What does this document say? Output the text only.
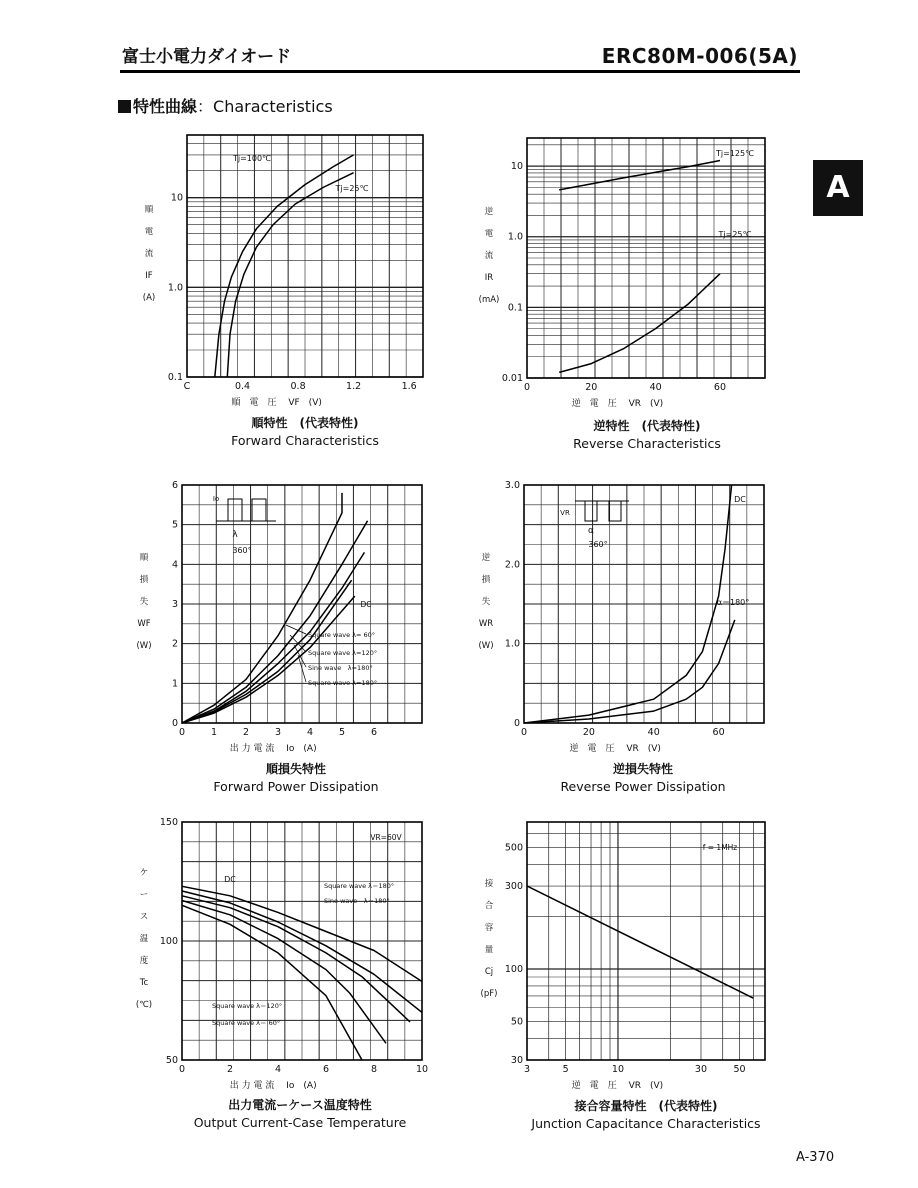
富士小電力ダイオード	ERC80M-006(5A)
特性曲線：Characteristics
A
C	0.4	0.8	1.2	1.6
0.1
1.0
10
順　電　圧　 VF　(V)
順
電
流
IF
(A)
Tj=100℃
Tj=25℃
順特性　(代表特性)
Forward Characteristics
0	20	40	60
0.01
0.1
1.0
10
逆　電　圧　 VR　(V)
逆
電
流
IR
(mA)
Tj=125℃
Tj=25℃
逆特性　(代表特性)
Reverse Characteristics
0	1	2	3	4	5	6
0
1
2
3
4
5
6
出 力 電 流　 Io　(A)
順
損
失
WF
(W)
Square wave λ= 60°
Square wave λ=120°
Sine wave　λ=180°
Square wave λ=180°
DC
Io
λ
360°
順損失特性
Forward Power Dissipation
0	20	40	60
0
1.0
2.0
3.0
逆　電　圧　 VR　(V)
逆
損
失
WR
(W)
DC
α＝180°
VR
α
360°
逆損失特性
Reverse Power Dissipation
0	2	4	6	8	10
50
100
150
出 力 電 流　 Io　(A)
ケ
ー
ス
温
度
Tc
(℃)
VR=60V
DC
Square wave λ＝180°
Sine wave　λ＝180°
Square wave λ＝120°
Square wave λ＝ 60°
出力電流ーケース温度特性
Output Current-Case Temperature
3	5	10	30	50
30
50
100
300
500
逆　電　圧　 VR　(V)
接
合
容
量
Cj
(pF)
f = 1MHz
接合容量特性　(代表特性)
Junction Capacitance Characteristics
A-370
